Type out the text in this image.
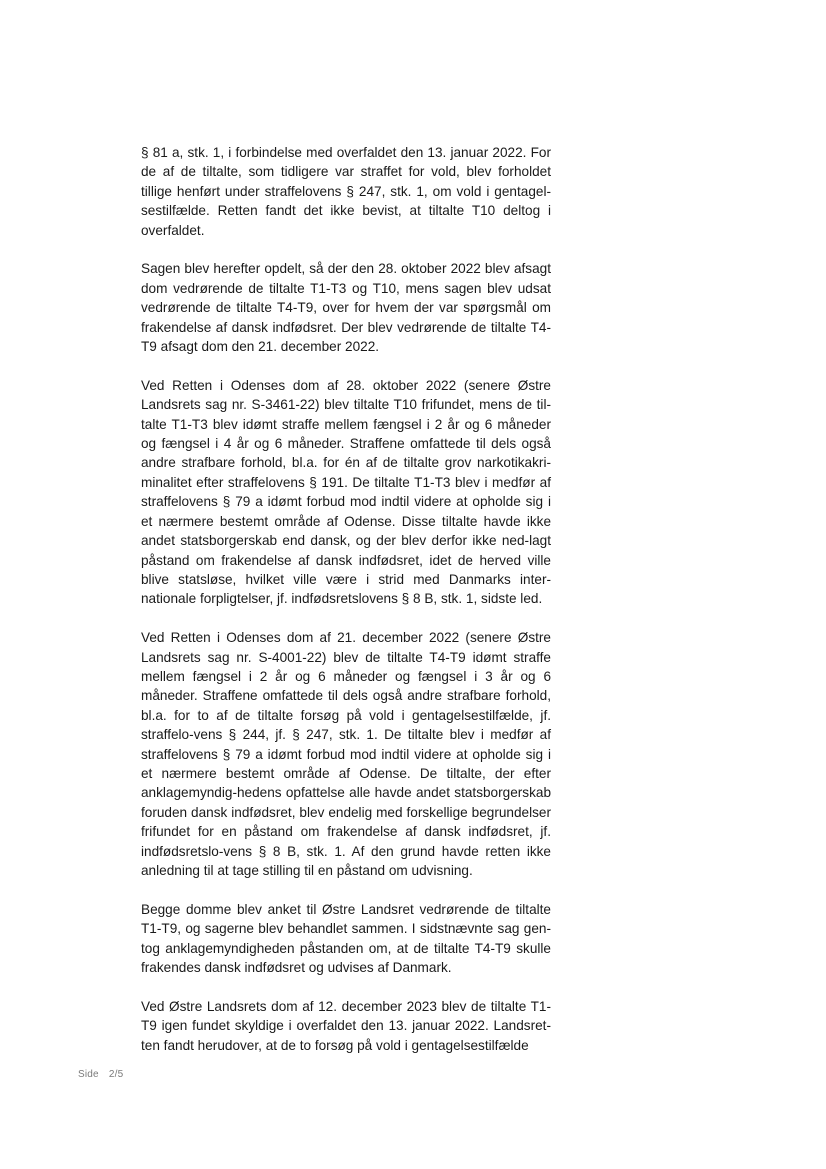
§ 81 a, stk. 1, i forbindelse med overfaldet den 13. januar 2022. For de af de tiltalte, som tidligere var straffet for vold, blev forholdet tillige henført under straffelovens § 247, stk. 1, om vold i gentagel-sestilfælde. Retten fandt det ikke bevist, at tiltalte T10 deltog i overfaldet.

Sagen blev herefter opdelt, så der den 28. oktober 2022 blev afsagt dom vedrørende de tiltalte T1-T3 og T10, mens sagen blev udsat vedrørende de tiltalte T4-T9, over for hvem der var spørgsmål om frakendelse af dansk indfødsret. Der blev vedrørende de tiltalte T4-T9 afsagt dom den 21. december 2022.

Ved Retten i Odenses dom af 28. oktober 2022 (senere Østre Landsrets sag nr. S-3461-22) blev tiltalte T10 frifundet, mens de til-talte T1-T3 blev idømt straffe mellem fængsel i 2 år og 6 måneder og fængsel i 4 år og 6 måneder. Straffene omfattede til dels også andre strafbare forhold, bl.a. for én af de tiltalte grov narkotikakri-minalitet efter straffelovens § 191. De tiltalte T1-T3 blev i medfør af straffelovens § 79 a idømt forbud mod indtil videre at opholde sig i et nærmere bestemt område af Odense. Disse tiltalte havde ikke andet statsborgerskab end dansk, og der blev derfor ikke ned-lagt påstand om frakendelse af dansk indfødsret, idet de herved ville blive statsløse, hvilket ville være i strid med Danmarks inter-nationale forpligtelser, jf. indfødsretslovens § 8 B, stk. 1, sidste led.

Ved Retten i Odenses dom af 21. december 2022 (senere Østre Landsrets sag nr. S-4001-22) blev de tiltalte T4-T9 idømt straffe mellem fængsel i 2 år og 6 måneder og fængsel i 3 år og 6 måneder. Straffene omfattede til dels også andre strafbare forhold, bl.a. for to af de tiltalte forsøg på vold i gentagelsestilfælde, jf. straffelo-vens § 244, jf. § 247, stk. 1. De tiltalte blev i medfør af straffelovens § 79 a idømt forbud mod indtil videre at opholde sig i et nærmere bestemt område af Odense. De tiltalte, der efter anklagemyndig-hedens opfattelse alle havde andet statsborgerskab foruden dansk indfødsret, blev endelig med forskellige begrundelser frifundet for en påstand om frakendelse af dansk indfødsret, jf. indfødsretslo-vens § 8 B, stk. 1. Af den grund havde retten ikke anledning til at tage stilling til en påstand om udvisning.

Begge domme blev anket til Østre Landsret vedrørende de tiltalte T1-T9, og sagerne blev behandlet sammen. I sidstnævnte sag gen-tog anklagemyndigheden påstanden om, at de tiltalte T4-T9 skulle frakendes dansk indfødsret og udvises af Danmark.

Ved Østre Landsrets dom af 12. december 2023 blev de tiltalte T1-T9 igen fundet skyldige i overfaldet den 13. januar 2022. Landsret-ten fandt herudover, at de to forsøg på vold i gentagelsestilfælde

Side 2/5
